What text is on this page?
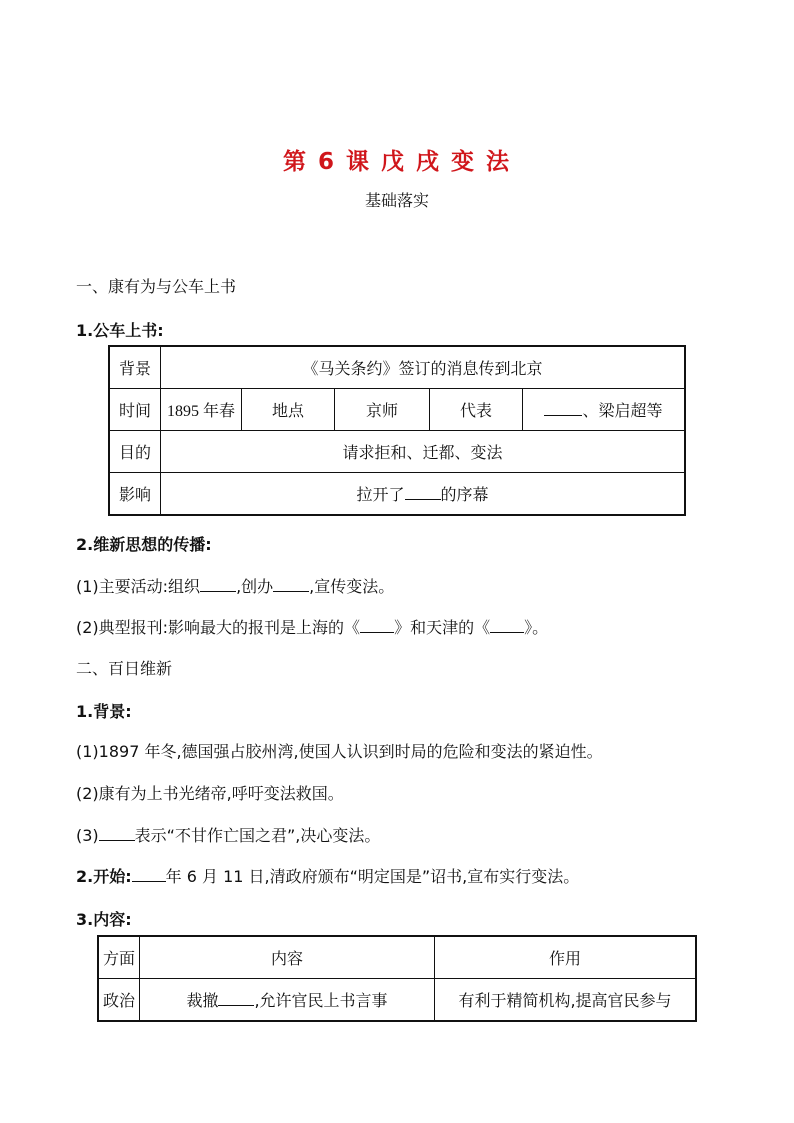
第 6 课 戊 戌 变 法
基础落实
一、康有为与公车上书
1.公车上书:
背景	《马关条约》签订的消息传到北京				
时间	1895 年春	地点	京师	代表	、梁启超等
目的	请求拒和、迁都、变法				
影响	拉开了 的序幕				
2.维新思想的传播:
(1)主要活动:组织 ,创办 ,宣传变法。
(2)典型报刊:影响最大的报刊是上海的《 》和天津的《 》。
二、百日维新
1.背景:
(1)1897 年冬,德国强占胶州湾,使国人认识到时局的危险和变法的紧迫性。
(2)康有为上书光绪帝,呼吁变法救国。
(3) 表示“不甘作亡国之君”,决心变法。
2.开始: 年 6 月 11 日,清政府颁布“明定国是”诏书,宣布实行变法。
3.内容:
方面	内容	作用
政治	裁撤 ,允许官民上书言事	有利于精简机构,提高官民参与
